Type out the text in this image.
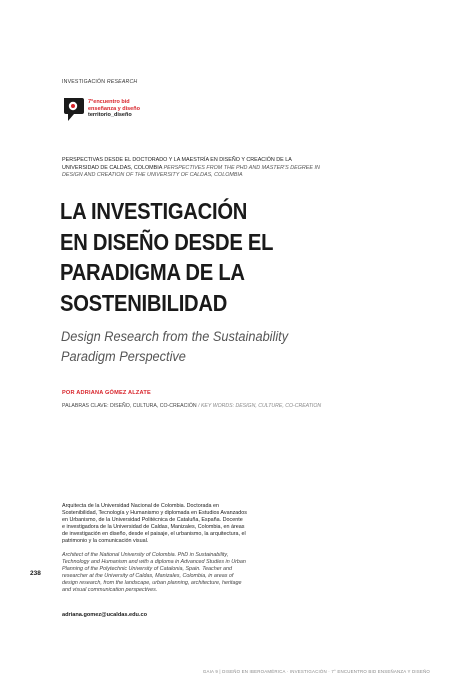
INVESTIGACIÓN RESEARCH
7°encuentro bid
enseñanza y diseño
territorio_diseño
PERSPECTIVAS DESDE EL DOCTORADO Y LA MAESTRÍA EN DISEÑO Y CREACIÓN DE LA UNIVERSIDAD DE CALDAS, COLOMBIA PERSPECTIVES FROM THE PHD AND MASTER'S DEGREE IN DESIGN AND CREATION OF THE UNIVERSITY OF CALDAS, COLOMBIA
LA INVESTIGACIÓN
EN DISEÑO DESDE EL
PARADIGMA DE LA
SOSTENIBILIDAD
Design Research from the Sustainability
Paradigm Perspective
POR ADRIANA GÓMEZ ALZATE
PALABRAS CLAVE: DISEÑO, CULTURA, CO-CREACIÓN / KEY WORDS: DESIGN, CULTURE, CO-CREATION
238
Arquitecta de la Universidad Nacional de Colombia. Doctorada en Sostenibilidad, Tecnología y Humanismo y diplomada en Estudios Avanzados en Urbanismo, de la Universidad Politécnica de Cataluña, España. Docente e investigadora de la Universidad de Caldas, Manizales, Colombia, en áreas de investigación en diseño, desde el paisaje, el urbanismo, la arquitectura, el patrimonio y la comunicación visual.
Architect of the National University of Colombia. PhD in Sustainability, Technology and Humanism and with a diploma in Advanced Studies in Urban Planning of the Polytechnic University of Catalonia, Spain. Teacher and researcher at the University of Caldas, Manizales, Colombia, in areas of design research, from the landscape, urban planning, architecture, heritage and visual communication perspectives.
adriana.gomez@ucaldas.edu.co
GAIA 9 | DISEÑO EN IBEROAMÉRICA · INVESTIGACIÓN · 7° ENCUENTRO BID ENSEÑANZA Y DISEÑO
